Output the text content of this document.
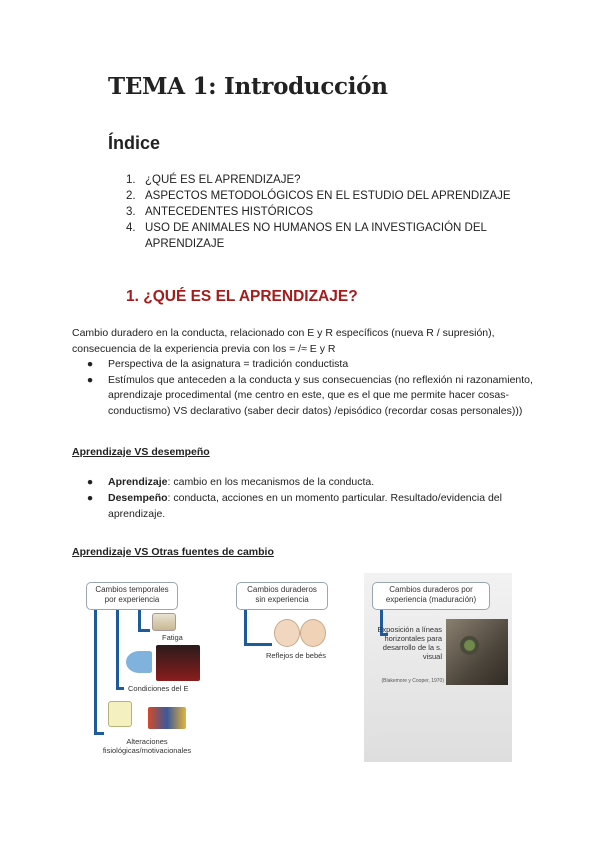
TEMA 1: Introducción
Índice
1. ¿QUÉ ES EL APRENDIZAJE?
2. ASPECTOS METODOLÓGICOS EN EL ESTUDIO DEL APRENDIZAJE
3. ANTECEDENTES HISTÓRICOS
4. USO DE ANIMALES NO HUMANOS EN LA INVESTIGACIÓN DEL APRENDIZAJE
1. ¿QUÉ ES EL APRENDIZAJE?
Cambio duradero en la conducta, relacionado con E y R específicos (nueva R / supresión), consecuencia de la experiencia previa con los = /≈ E y R
●	Perspectiva de la asignatura = tradición conductista
●	Estímulos que anteceden a la conducta y sus consecuencias (no reflexión ni razonamiento, aprendizaje procedimental (me centro en este, que es el que me permite hacer cosas- conductismo) VS declarativo (saber decir datos) /episódico (recordar cosas personales)))
Aprendizaje VS desempeño
●	Aprendizaje: cambio en los mecanismos de la conducta.
●	Desempeño: conducta, acciones en un momento particular. Resultado/evidencia del aprendizaje.
Aprendizaje VS Otras fuentes de cambio
Cambios temporales por experiencia
Fatiga
Condiciones del E
Alteraciones fisiológicas/motivacionales
Cambios duraderos sin experiencia
Reflejos de bebés
Cambios duraderos por experiencia (maduración)
Exposición a líneas horizontales para desarrollo de la s. visual
(Blakemore y Cooper, 1970)
